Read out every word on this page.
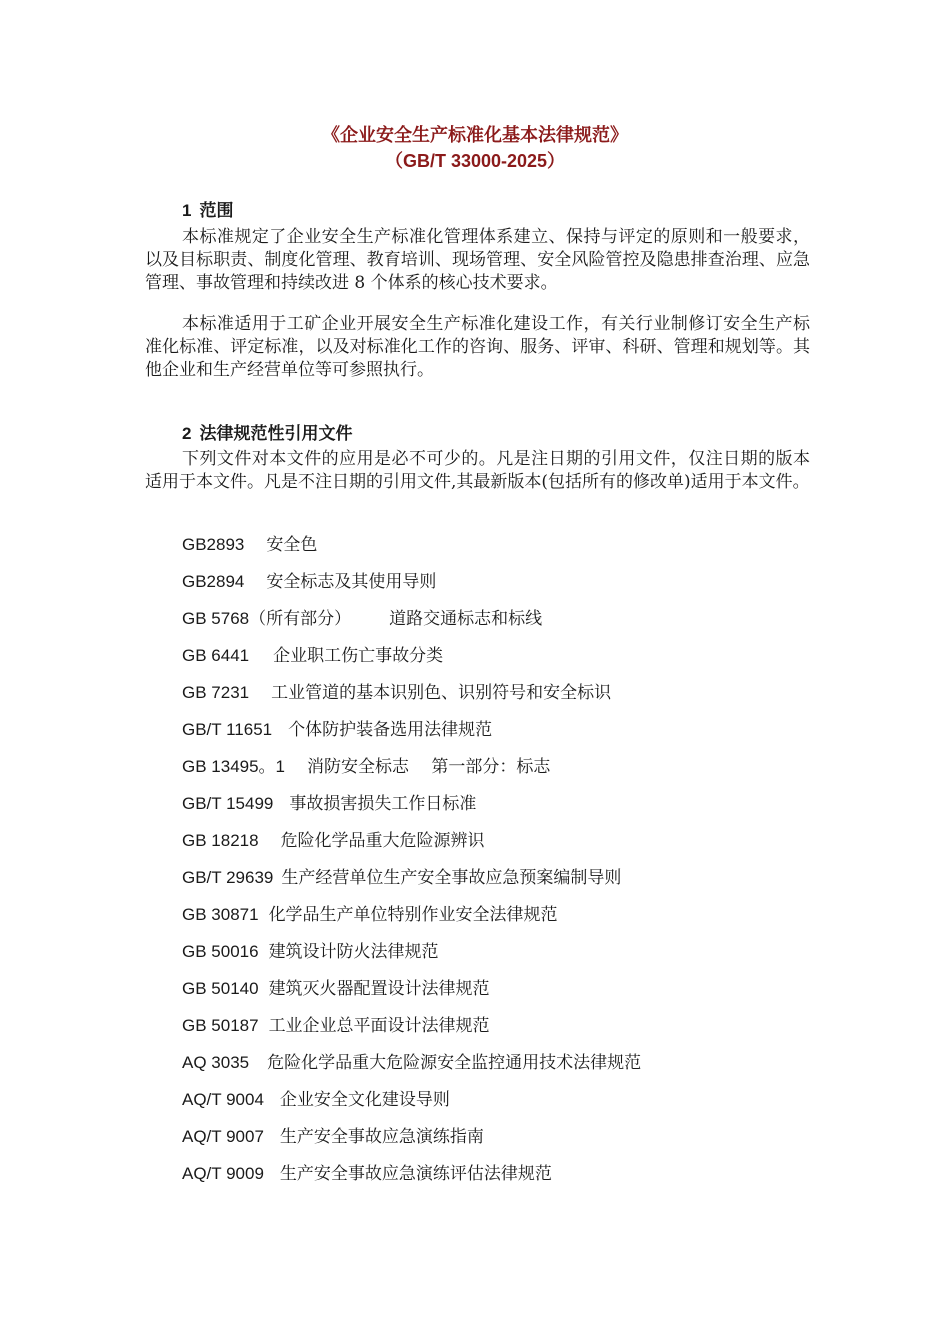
《企业安全生产标准化基本法律规范》
（GB/T 33000-2025）
1 范围
本标准规定了企业安全生产标准化管理体系建立、保持与评定的原则和一般要求，以及目标职责、制度化管理、教育培训、现场管理、安全风险管控及隐患排查治理、应急管理、事故管理和持续改进 8 个体系的核心技术要求。
本标准适用于工矿企业开展安全生产标准化建设工作，有关行业制修订安全生产标准化标准、评定标准，以及对标准化工作的咨询、服务、评审、科研、管理和规划等。其他企业和生产经营单位等可参照执行。
2 法律规范性引用文件
下列文件对本文件的应用是必不可少的。凡是注日期的引用文件，仅注日期的版本适用于本文件。凡是不注日期的引用文件,其最新版本(包括所有的修改单)适用于本文件。
GB2893 安全色
GB2894 安全标志及其使用导则
GB 5768（所有部分） 道路交通标志和标线
GB 6441 企业职工伤亡事故分类
GB 7231 工业管道的基本识别色、识别符号和安全标识
GB/T 11651 个体防护装备选用法律规范
GB 13495。1 消防安全标志　 第一部分：标志
GB/T 15499 事故损害损失工作日标准
GB 18218 危险化学品重大危险源辨识
GB/T 29639 生产经营单位生产安全事故应急预案编制导则
GB 30871 化学品生产单位特别作业安全法律规范
GB 50016 建筑设计防火法律规范
GB 50140 建筑灭火器配置设计法律规范
GB 50187 工业企业总平面设计法律规范
AQ 3035 危险化学品重大危险源安全监控通用技术法律规范
AQ/T 9004 企业安全文化建设导则
AQ/T 9007 生产安全事故应急演练指南
AQ/T 9009 生产安全事故应急演练评估法律规范
